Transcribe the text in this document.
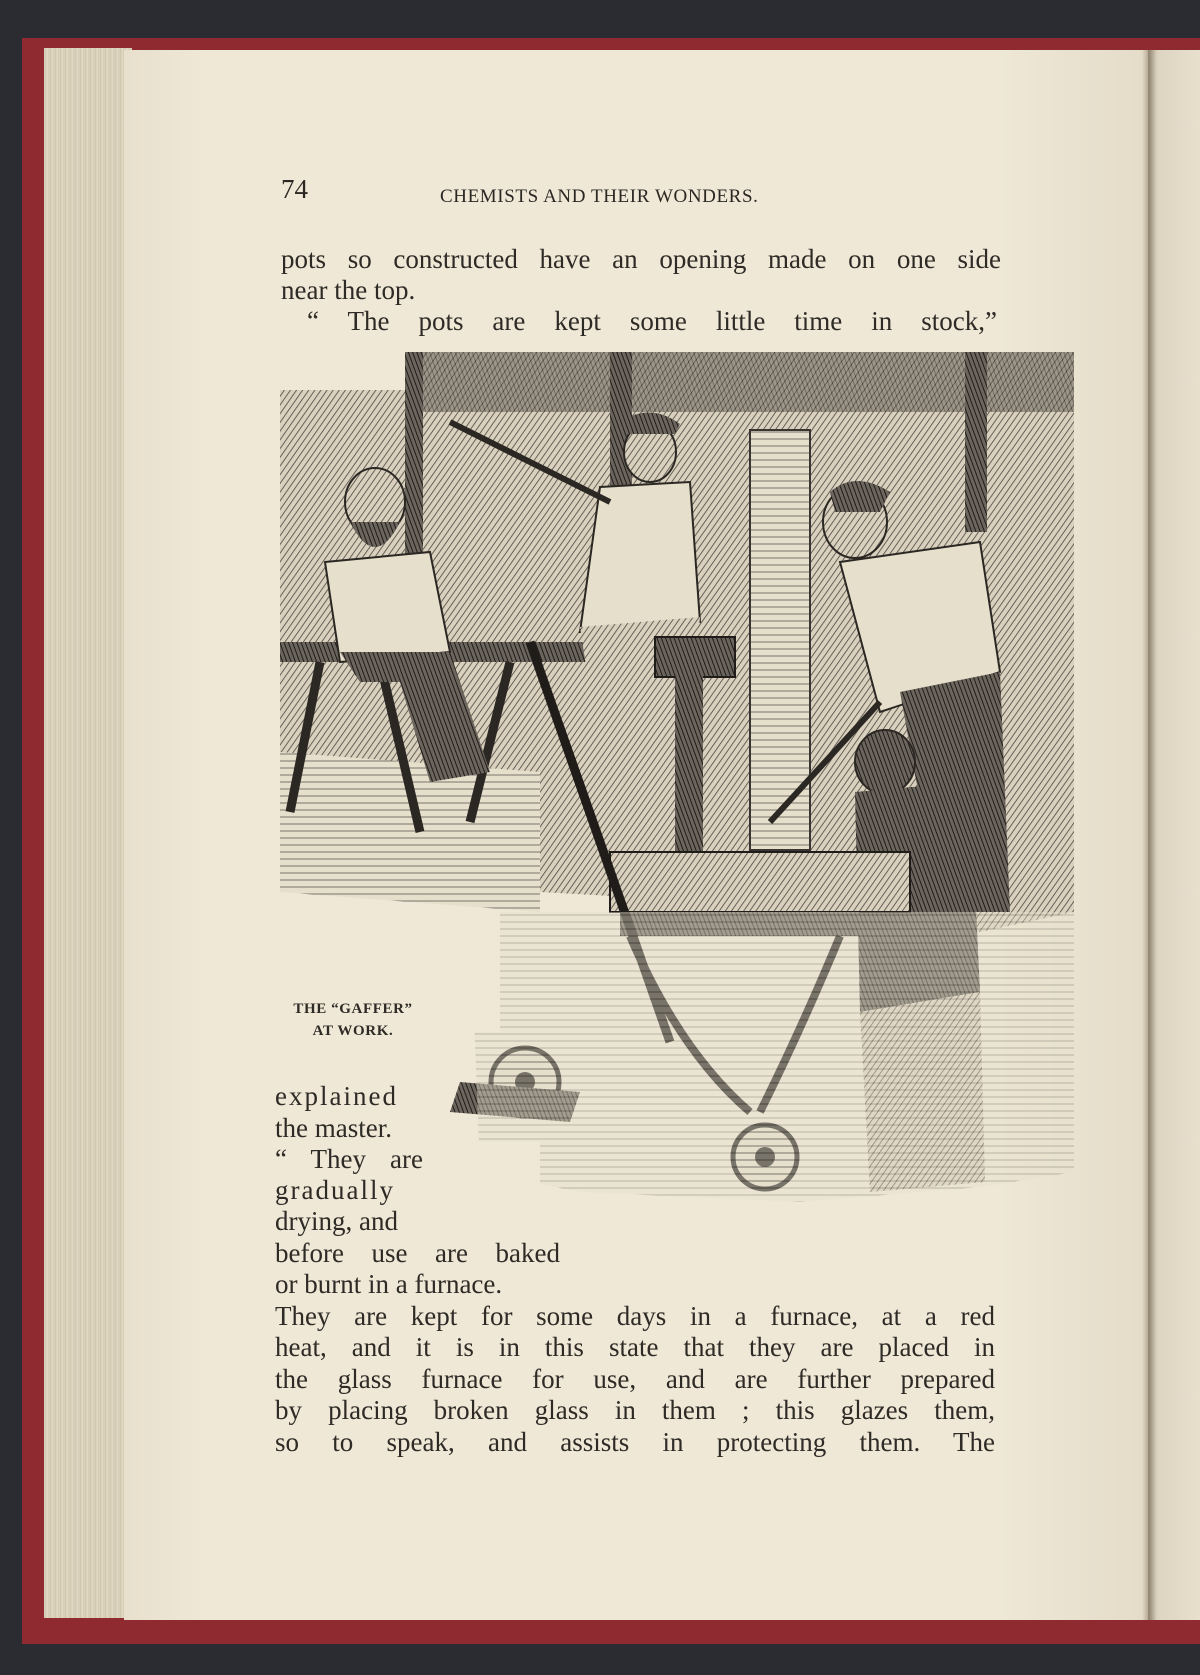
74	CHEMISTS AND THEIR WONDERS.
pots so constructed have an opening made on one side
near the top.
“ The pots are kept some little time in stock,”
THE “GAFFER”
AT WORK.
explained
the master.
“ They are
gradually
drying, and
before use are baked
or burnt in a furnace.
They are kept for some days in a furnace, at a red
heat, and it is in this state that they are placed in
the glass furnace for use, and are further prepared
by placing broken glass in them ; this glazes them,
so to speak, and assists in protecting them. The
